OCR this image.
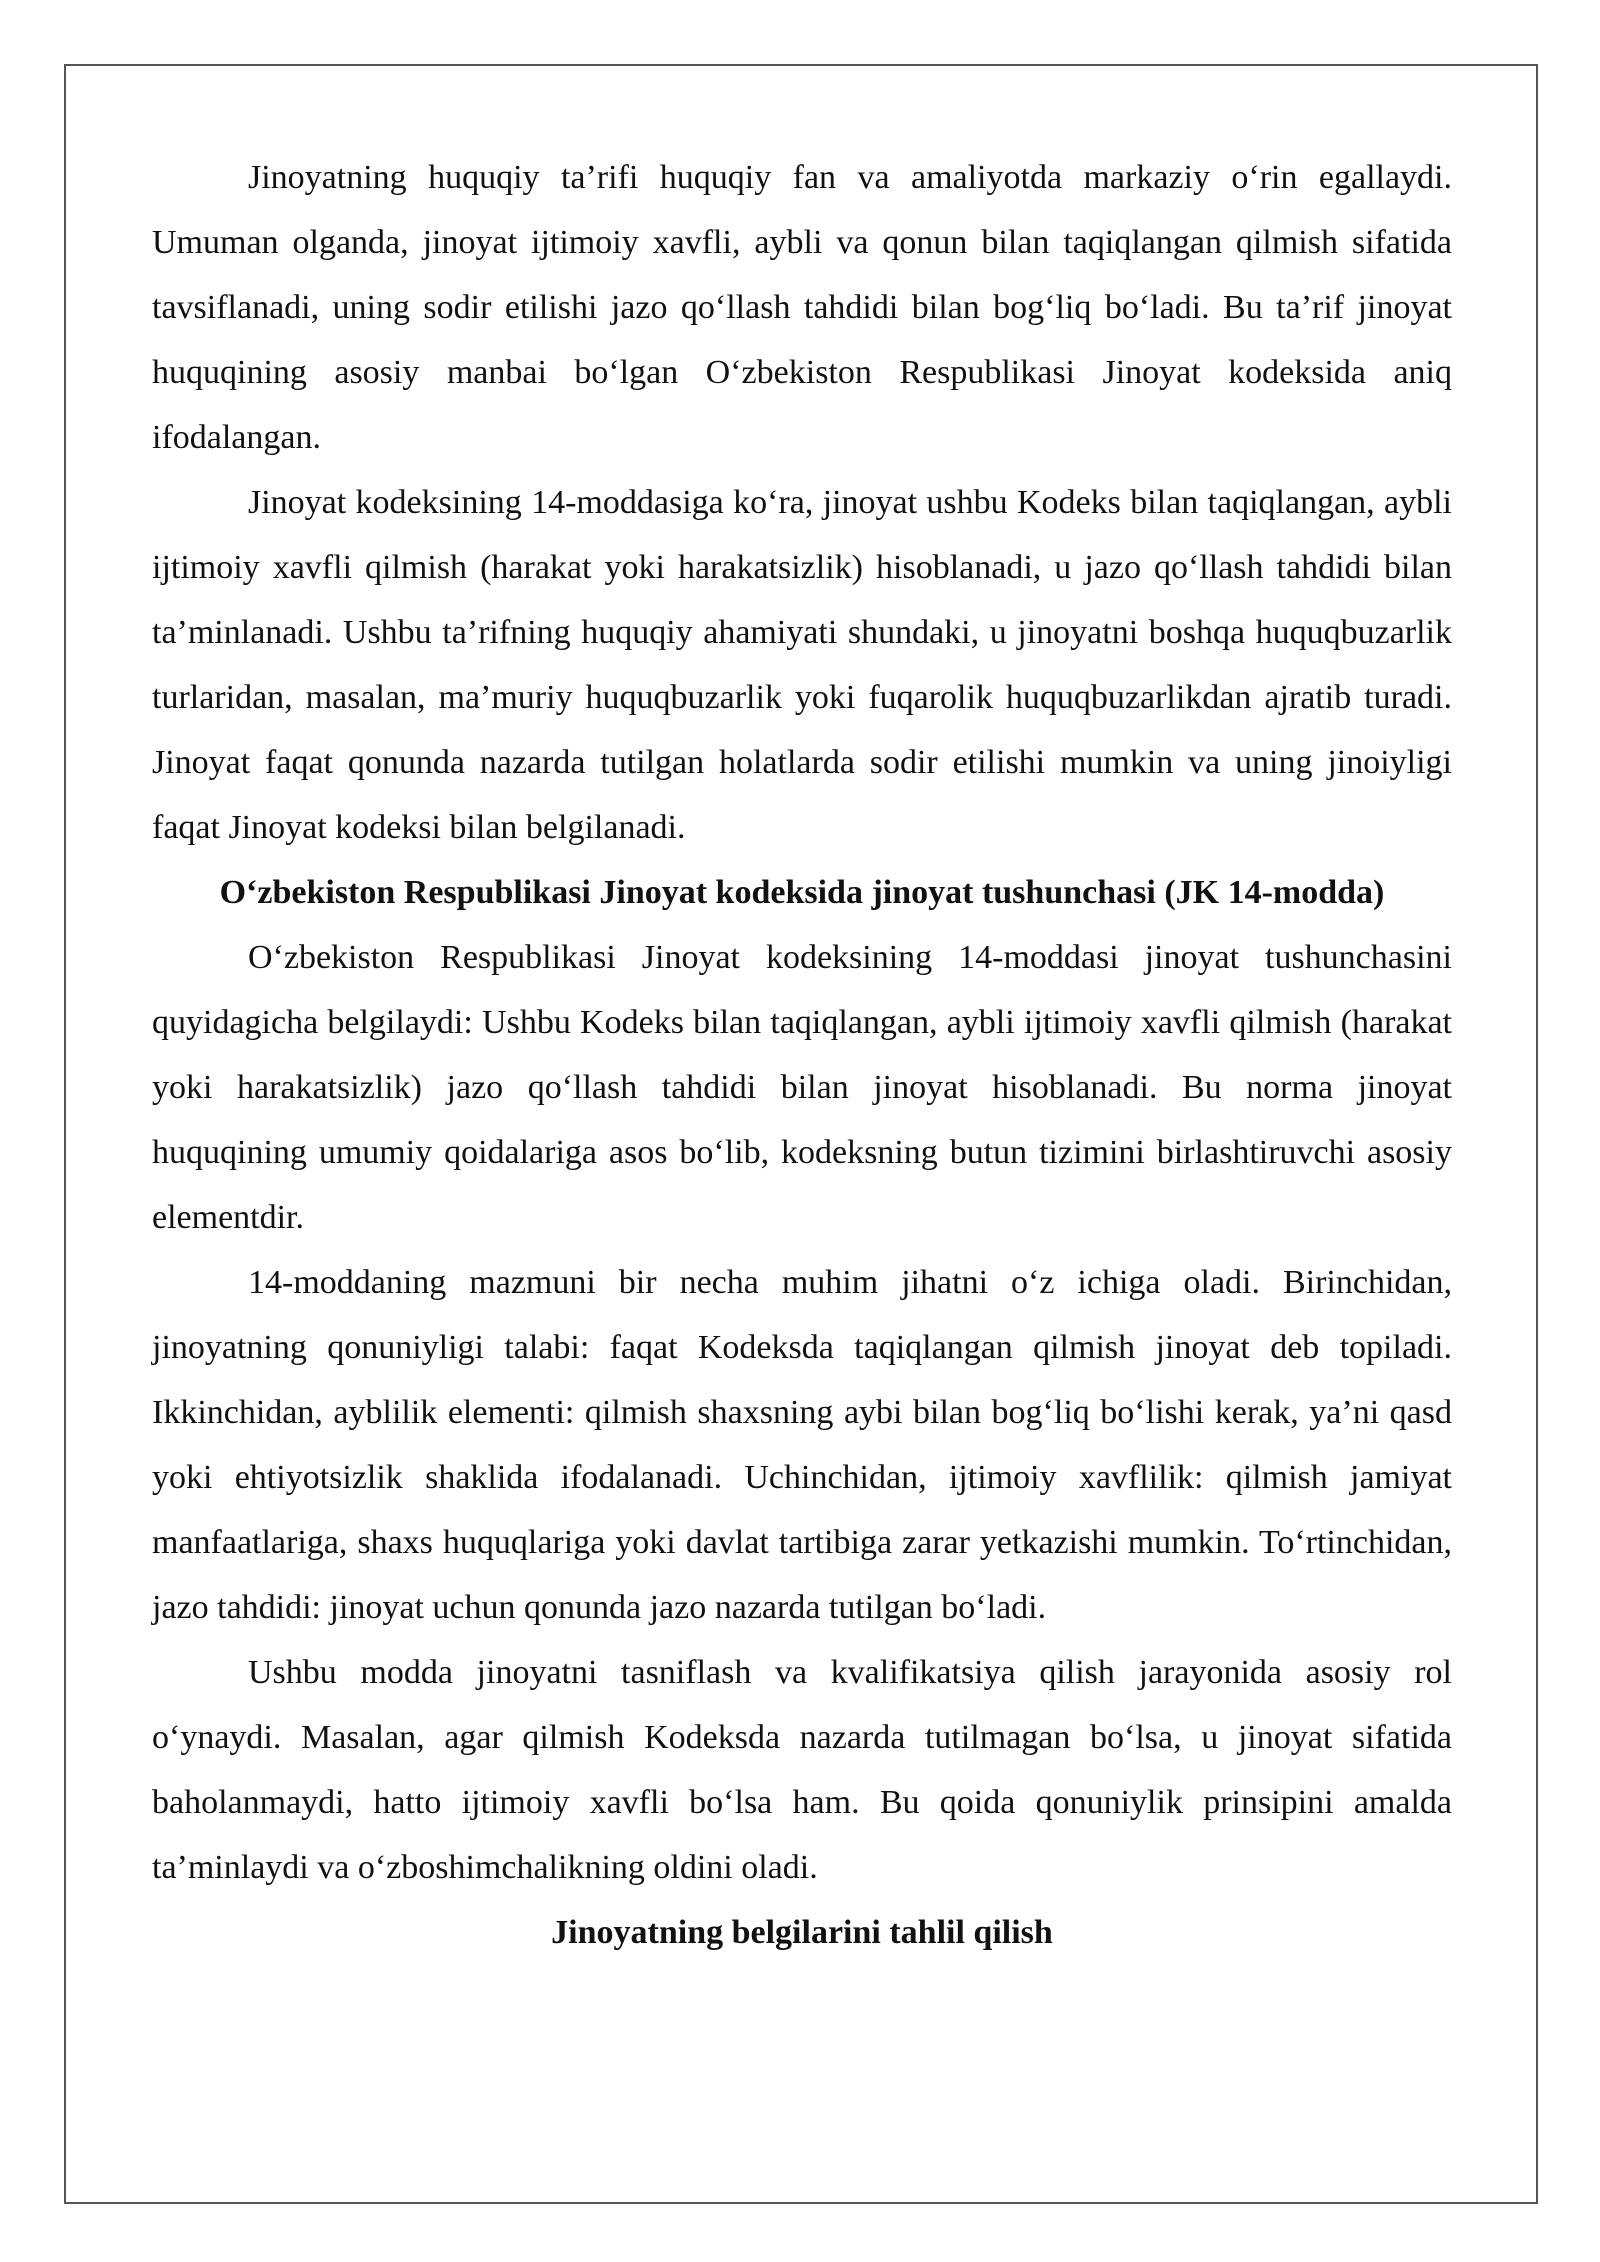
Jinoyatning huquqiy ta’rifi huquqiy fan va amaliyotda markaziy o‘rin egallaydi. Umuman olganda, jinoyat ijtimoiy xavfli, aybli va qonun bilan taqiqlangan qilmish sifatida tavsiflanadi, uning sodir etilishi jazo qo‘llash tahdidi bilan bog‘liq bo‘ladi. Bu ta’rif jinoyat huquqining asosiy manbai bo‘lgan O‘zbekiston Respublikasi Jinoyat kodeksida aniq ifodalangan.

Jinoyat kodeksining 14-moddasiga ko‘ra, jinoyat ushbu Kodeks bilan taqiqlangan, aybli ijtimoiy xavfli qilmish (harakat yoki harakatsizlik) hisoblanadi, u jazo qo‘llash tahdidi bilan ta’minlanadi. Ushbu ta’rifning huquqiy ahamiyati shundaki, u jinoyatni boshqa huquqbuzarlik turlaridan, masalan, ma’muriy huquqbuzarlik yoki fuqarolik huquqbuzarlikdan ajratib turadi. Jinoyat faqat qonunda nazarda tutilgan holatlarda sodir etilishi mumkin va uning jinoiyligi faqat Jinoyat kodeksi bilan belgilanadi.

O‘zbekiston Respublikasi Jinoyat kodeksida jinoyat tushunchasi (JK 14-modda)

O‘zbekiston Respublikasi Jinoyat kodeksining 14-moddasi jinoyat tushunchasini quyidagicha belgilaydi: Ushbu Kodeks bilan taqiqlangan, aybli ijtimoiy xavfli qilmish (harakat yoki harakatsizlik) jazo qo‘llash tahdidi bilan jinoyat hisoblanadi. Bu norma jinoyat huquqining umumiy qoidalariga asos bo‘lib, kodeksning butun tizimini birlashtiruvchi asosiy elementdir.

14-moddaning mazmuni bir necha muhim jihatni o‘z ichiga oladi. Birinchidan, jinoyatning qonuniyligi talabi: faqat Kodeksda taqiqlangan qilmish jinoyat deb topiladi. Ikkinchidan, ayblilik elementi: qilmish shaxsning aybi bilan bog‘liq bo‘lishi kerak, ya’ni qasd yoki ehtiyotsizlik shaklida ifodalanadi. Uchinchidan, ijtimoiy xavflilik: qilmish jamiyat manfaatlariga, shaxs huquqlariga yoki davlat tartibiga zarar yetkazishi mumkin. To‘rtinchidan, jazo tahdidi: jinoyat uchun qonunda jazo nazarda tutilgan bo‘ladi.

Ushbu modda jinoyatni tasniflash va kvalifikatsiya qilish jarayonida asosiy rol o‘ynaydi. Masalan, agar qilmish Kodeksda nazarda tutilmagan bo‘lsa, u jinoyat sifatida baholanmaydi, hatto ijtimoiy xavfli bo‘lsa ham. Bu qoida qonuniylik prinsipini amalda ta’minlaydi va o‘zboshimchalikning oldini oladi.

Jinoyatning belgilarini tahlil qilish
